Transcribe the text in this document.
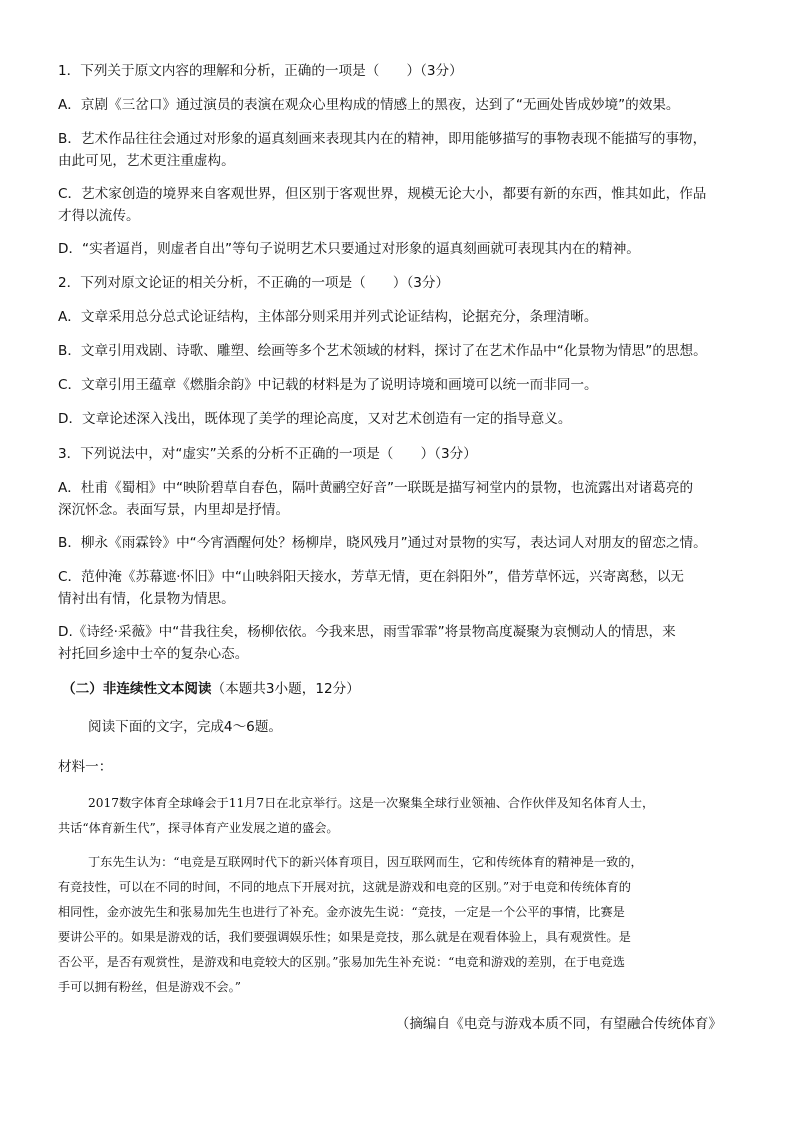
1．下列关于原文内容的理解和分析，正确的一项是（　　）（3分）
A．京剧《三岔口》通过演员的表演在观众心里构成的情感上的黑夜，达到了“无画处皆成妙境”的效果。
B．艺术作品往往会通过对形象的逼真刻画来表现其内在的精神，即用能够描写的事物表现不能描写的事物，
由此可见，艺术更注重虚构。
C．艺术家创造的境界来自客观世界，但区别于客观世界，规模无论大小，都要有新的东西，惟其如此，作品
才得以流传。
D．“实者逼肖，则虚者自出”等句子说明艺术只要通过对形象的逼真刻画就可表现其内在的精神。
2．下列对原文论证的相关分析，不正确的一项是（　　）（3分）
A．文章采用总分总式论证结构，主体部分则采用并列式论证结构，论据充分，条理清晰。
B．文章引用戏剧、诗歌、雕塑、绘画等多个艺术领域的材料，探讨了在艺术作品中“化景物为情思”的思想。
C．文章引用王蕴章《燃脂余韵》中记载的材料是为了说明诗境和画境可以统一而非同一。
D．文章论述深入浅出，既体现了美学的理论高度，又对艺术创造有一定的指导意义。
3．下列说法中，对“虚实”关系的分析不正确的一项是（　　）（3分）
A．杜甫《蜀相》中“映阶碧草自春色，隔叶黄鹂空好音”一联既是描写祠堂内的景物，也流露出对诸葛亮的
深沉怀念。表面写景，内里却是抒情。
B．柳永《雨霖铃》中“今宵酒醒何处？杨柳岸，晓风残月”通过对景物的实写，表达词人对朋友的留恋之情。
C．范仲淹《苏幕遮·怀旧》中“山映斜阳天接水，芳草无情，更在斜阳外”，借芳草怀远，兴寄离愁，以无
情衬出有情，化景物为情思。
D.《诗经·采薇》中“昔我往矣，杨柳依依。今我来思，雨雪霏霏”将景物高度凝聚为哀恻动人的情思，来
衬托回乡途中士卒的复杂心态。
（二）非连续性文本阅读（本题共3小题，12分）
阅读下面的文字，完成4～6题。
材料一：
2017数字体育全球峰会于11月7日在北京举行。这是一次聚集全球行业领袖、合作伙伴及知名体育人士，
共话“体育新生代”，探寻体育产业发展之道的盛会。
丁东先生认为：“电竞是互联网时代下的新兴体育项目，因互联网而生，它和传统体育的精神是一致的，
有竞技性，可以在不同的时间，不同的地点下开展对抗，这就是游戏和电竞的区别。”对于电竞和传统体育的
相同性，金亦波先生和张易加先生也进行了补充。金亦波先生说：“竞技，一定是一个公平的事情，比赛是
要讲公平的。如果是游戏的话，我们要强调娱乐性；如果是竞技，那么就是在观看体验上，具有观赏性。是
否公平，是否有观赏性，是游戏和电竞较大的区别。”张易加先生补充说：“电竞和游戏的差别，在于电竞选
手可以拥有粉丝，但是游戏不会。”
（摘编自《电竞与游戏本质不同，有望融合传统体育》
